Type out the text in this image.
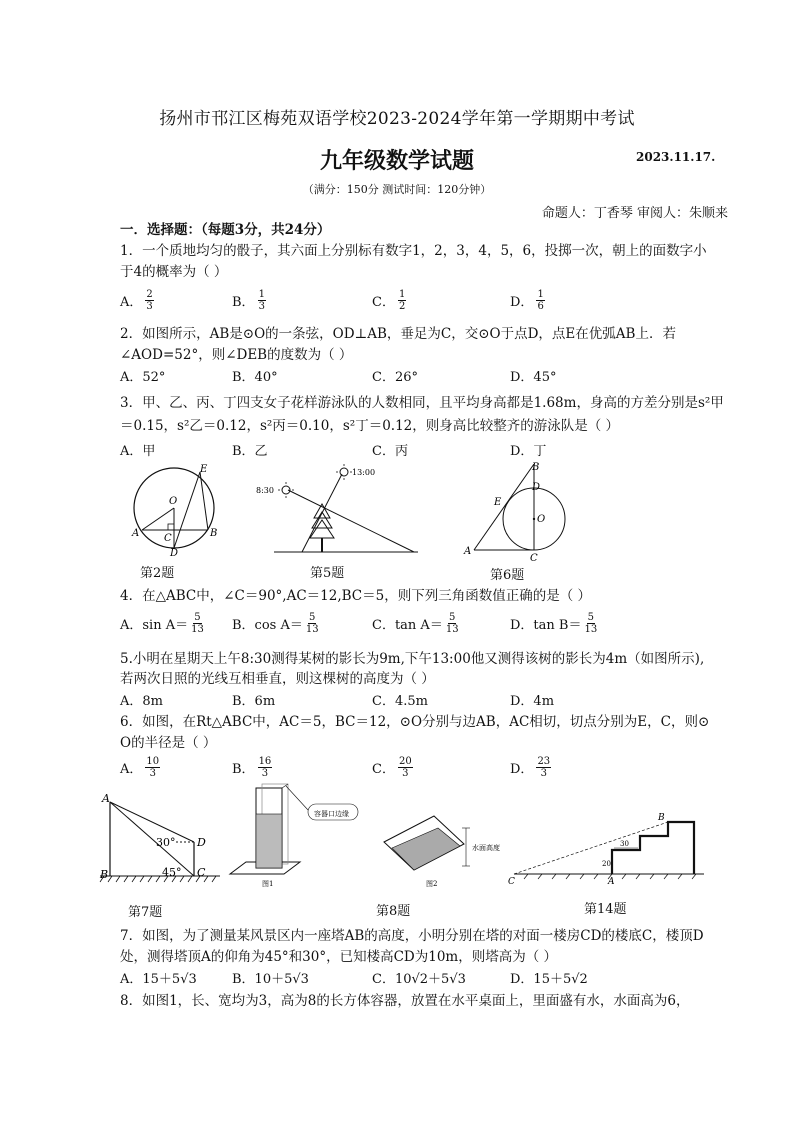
扬州市邗江区梅苑双语学校2023-2024学年第一学期期中考试
九年级数学试题	2023.11.17.
（满分：150分 测试时间：120分钟）
命题人：丁香琴 审阅人：朱顺来
一．选择题：（每题3分，共24分）
1．一个质地均匀的骰子，其六面上分别标有数字1，2，3，4，5，6，投掷一次，朝上的面数字小
于4的概率为（ ）
A． $\frac{2}{3}$	B． $\frac{1}{3}$	C． $\frac{1}{2}$	D． $\frac{1}{6}$
2．如图所示，AB是⊙O的一条弦，OD⊥AB，垂足为C，交⊙O于点D，点E在优弧AB上．若
∠AOD=52°，则∠DEB的度数为（ ）
A．52°	B．40°	C．26°	D．45°
3．甲、乙、丙、丁四支女子花样游泳队的人数相同，且平均身高都是1.68m，身高的方差分别是s²甲
＝0.15，s²乙＝0.12，s²丙＝0.10，s²丁＝0.12，则身高比较整齐的游泳队是（ ）
A．甲	B．乙	C．丙	D．丁
O
A	B
C
D
E
第2题
8:30
13:00
第5题
B
D
E
O
A
C
第6题
4．在△ABC中，∠C＝90°,AC＝12,BC＝5，则下列三角函数值正确的是（ ）
A．$\sin A= \frac{5}{13}$ B．$\cos A= \frac{5}{13}$	C．$\tan A= \frac{5}{13}$	D．$\tan B= \frac{5}{13}$
5.小明在星期天上午8:30测得某树的影长为9m,下午13:00他又测得该树的影长为4m（如图所示),
若两次日照的光线互相垂直，则这棵树的高度为（ ）
A．8m	B．6m	C．4.5m	D．4m
6．如图，在Rt△ABC中，AC＝5，BC＝12，⊙O分别与边AB，AC相切，切点分别为E，C，则⊙
O的半径是（ ）
A． $\frac{10}{3}$	B． $\frac{16}{3}$	C． $\frac{20}{3}$	D． $\frac{23}{3}$
A
B	C
D
30°
45°
第7题
容器口边缘
图1
水面高度
图2
第8题
20
30
B
A
C
第14题
7．如图，为了测量某风景区内一座塔AB的高度，小明分别在塔的对面一楼房CD的楼底C，楼顶D
处，测得塔顶A的仰角为45°和30°，已知楼高CD为10m，则塔高为（ ）
A．15＋5√3	B．10＋5√3	C．10√2＋5√3	D．15＋5√2
8．如图1，长、宽均为3，高为8的长方体容器，放置在水平桌面上，里面盛有水，水面高为6，
